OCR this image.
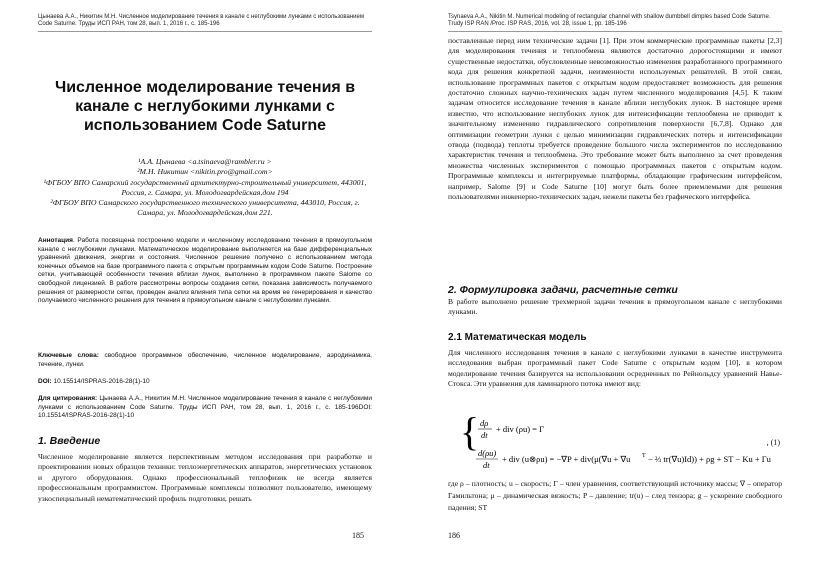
Цынаева А.А., Никитин М.Н. Численное моделирование течения в канале с неглубокими лунками с использованием Code Saturne. Труды ИСП РАН, том 28, вып. 1, 2016 г., с. 185-196
Численное моделирование течения в канале с неглубокими лунками с использованием Code Saturne
¹А.А. Цынаева <a.tsinaeva@rambler.ru >
²М.Н. Никитин <nikitin.pro@gmail.com>
¹ФГБОУ ВПО Самарский государственный архитектурно-строительный университет, 443001, Россия, г. Самара, ул. Молодогвардейская,дом 194
²ФГБОУ ВПО Самарского государственного технического университета, 443010, Россия, г. Самара, ул. Молодогвардейская,дом 221.
Аннотация. Работа посвящена построению модели и численному исследованию течения в прямоугольном канале с неглубокими лунками. Математическое моделирование выполняется на базе дифференциальных уравнений движения, энергии и состояния. Численное решение получено с использованием метода конечных объемов на базе программного пакета с открытым программным кодом Code Saturne. Построение сетки, учитывающей особенности течения вблизи лунок, выполнено в программном пакете Salome со свободной лицензией. В работе рассмотрены вопросы создания сетки, показана зависимость получаемого решения от размерности сетки, проведен анализ влияния типа сетки на время ее генерирования и качество получаемого численного решения для течения в прямоугольном канале с неглубокими лунками.
Ключевые слова: свободное программное обеспечение, численное моделирование, аэродинамика, течение, лунки.
DOI: 10.15514/ISPRAS-2016-28(1)-10
Для цитирования: Цынаева А.А., Никитин М.Н. Численное моделирование течения в канале с неглубокими лунками с использованием Code Saturne. Труды ИСП РАН, том 28, вып. 1, 2016 г., с. 185-196DOI: 10.15514/ISPRAS-2016-28(1)-10
1. Введение
Численное моделирование является перспективным методом исследования при разработке и проектировании новых образцов техники: теплоэнергетических аппаратов, энергетических установок и другого оборудования. Однако профессиональный теплофизик не всегда является профессиональным программистом. Программные комплексы позволяют пользователю, имеющему узкоспециальный нематематический профиль подготовки, решать
185
Tsynaeva A.A., Nikitin M. Numerical modeling of rectangular channel with shallow dumbbell dimples based Code Saturne. Trudy ISP RAN /Proc. ISP RAS, 2016, vol. 28, issue 1, pp. 185-196
поставленные перед ним технические задачи [1]. При этом коммерческие программные пакеты [2,3] для моделирования течения и теплообмена являются достаточно дорогостоящими и имеют существенные недостатки, обусловленные невозможностью изменения разработанного программного кода для решения конкретной задачи, неизменности используемых решателей. В этой связи, использование программных пакетов с открытым кодом предоставляет возможность для решения достаточно сложных научно-технических задач путем численного моделирования [4,5]. К таким задачам относится исследование течения в канале вблизи неглубоких лунок. В настоящее время известно, что использование неглубоких лунок для интенсификации теплообмена не приводит к значительному изменению гидравлического сопротивления поверхности [6,7,8]. Однако для оптимизации геометрии лунки с целью минимизации гидравлических потерь и интенсификации отвода (подвода) теплоты требуется проведение большого числа экспериментов по исследованию характеристик течения и теплообмена. Это требование может быть выполнено за счет проведения множества численных экспериментов с помощью программных пакетов с открытым кодом. Программные комплексы и интегрируемые платформы, обладающие графическим интерфейсом, например, Salome [9] и Code Saturne [10] могут быть более приемлемыми для решения пользователями инженерно-технических задач, нежели пакеты без графического интерфейса.
2. Формулировка задачи, расчетные сетки
В работе выполнено решение трехмерной задачи течения в прямоугольном канале с неглубокими лунками.
2.1 Математическая модель
Для численного исследования течения в канале с неглубокими лунками в качестве инструмента исследования выбран программный пакет Code Saturne с открытым кодом [10], в котором моделирование течения базируется на использовании осредненных по Рейнольдсу уравнений Навье-Стокса. Эти уравнения для ламинарного потока имеют вид:
{ dρ
dt
+ div (ρu) = Γ
d(ρu)
dt
+ div (u⊗ρu) = −∇P + div(μ(∇u + ∇u T − ⅔ tr(∇u)Id)) + ρg + ST − Ku + Γu
, (1)
где ρ – плотность; u – скорость; Γ – член уравнения, соответствующий источнику массы; ∇ – оператор Гамильтона; μ – динамическая вязкость; P – давление; tr(u) – след тензора; g – ускорение свободного падения; ST
186
